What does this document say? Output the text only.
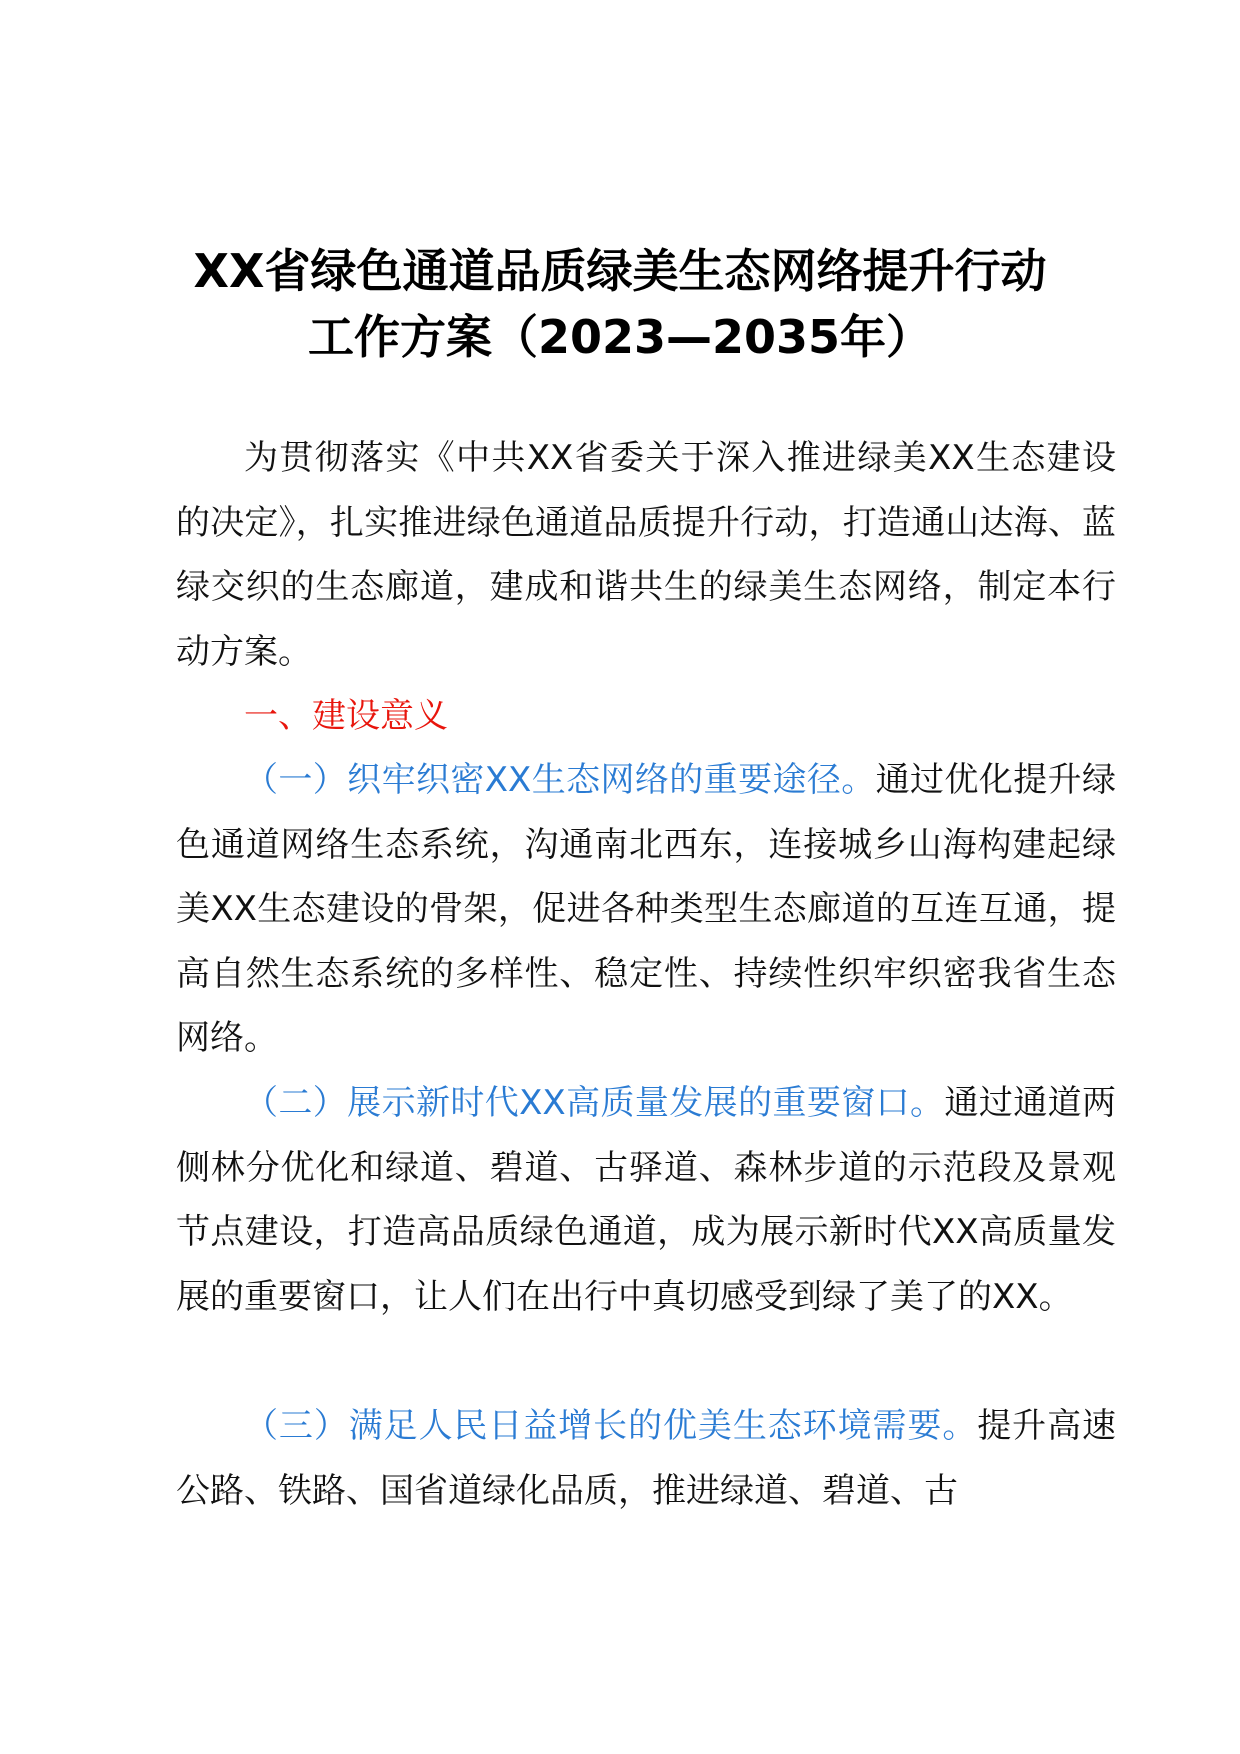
XX省绿色通道品质绿美生态网络提升行动
工作方案（2023—2035年）

为贯彻落实《中共XX省委关于深入推进绿美XX生态建设的决定》，扎实推进绿色通道品质提升行动，打造通山达海、蓝绿交织的生态廊道，建成和谐共生的绿美生态网络，制定本行动方案。

一、建设意义

（一）织牢织密XX生态网络的重要途径。通过优化提升绿色通道网络生态系统，沟通南北西东，连接城乡山海构建起绿美XX生态建设的骨架，促进各种类型生态廊道的互连互通，提高自然生态系统的多样性、稳定性、持续性织牢织密我省生态网络。

（二）展示新时代XX高质量发展的重要窗口。通过通道两侧林分优化和绿道、碧道、古驿道、森林步道的示范段及景观节点建设，打造高品质绿色通道，成为展示新时代XX高质量发展的重要窗口，让人们在出行中真切感受到绿了美了的XX。

（三）满足人民日益增长的优美生态环境需要。提升高速公路、铁路、国省道绿化品质，推进绿道、碧道、古
